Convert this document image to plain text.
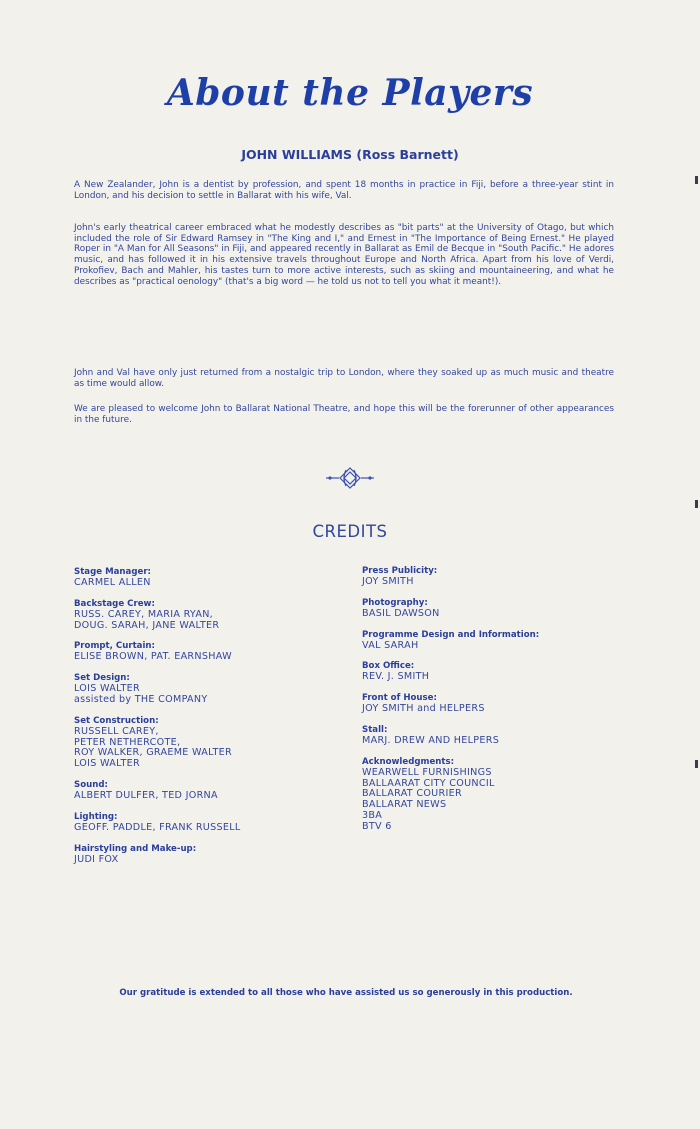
About the Players
JOHN WILLIAMS (Ross Barnett)
A New Zealander, John is a dentist by profession, and spent 18 months in practice in Fiji, before a three-year stint in London, and his decision to settle in Ballarat with his wife, Val.
John's early theatrical career embraced what he modestly describes as "bit parts" at the University of Otago, but which included the role of Sir Edward Ramsey in "The King and I," and Ernest in "The Importance of Being Ernest." He played Roper in "A Man for All Seasons" in Fiji, and appeared recently in Ballarat as Emil de Becque in "South Pacific." He adores music, and has followed it in his extensive travels throughout Europe and North Africa. Apart from his love of Verdi, Prokofiev, Bach and Mahler, his tastes turn to more active interests, such as skiing and mountaineering, and what he describes as "practical oenology" (that's a big word — he told us not to tell you what it meant!).
John and Val have only just returned from a nostalgic trip to London, where they soaked up as much music and theatre as time would allow.
We are pleased to welcome John to Ballarat National Theatre, and hope this will be the forerunner of other appearances in the future.
CREDITS
Stage Manager:
CARMEL ALLEN
Backstage Crew:
RUSS. CAREY, MARIA RYAN,
DOUG. SARAH, JANE WALTER
Prompt, Curtain:
ELISE BROWN, PAT. EARNSHAW
Set Design:
LOIS WALTER
assisted by THE COMPANY
Set Construction:
RUSSELL CAREY,
PETER NETHERCOTE,
ROY WALKER, GRAEME WALTER
LOIS WALTER
Sound:
ALBERT DULFER, TED JORNA
Lighting:
GEOFF. PADDLE, FRANK RUSSELL
Hairstyling and Make-up:
JUDI FOX
Press Publicity:
JOY SMITH
Photography:
BASIL DAWSON
Programme Design and Information:
VAL SARAH
Box Office:
REV. J. SMITH
Front of House:
JOY SMITH and HELPERS
Stall:
MARJ. DREW AND HELPERS
Acknowledgments:
WEARWELL FURNISHINGS
BALLAARAT CITY COUNCIL
BALLARAT COURIER
BALLARAT NEWS
3BA
BTV 6
Our gratitude is extended to all those who have assisted us so generously in this production.
